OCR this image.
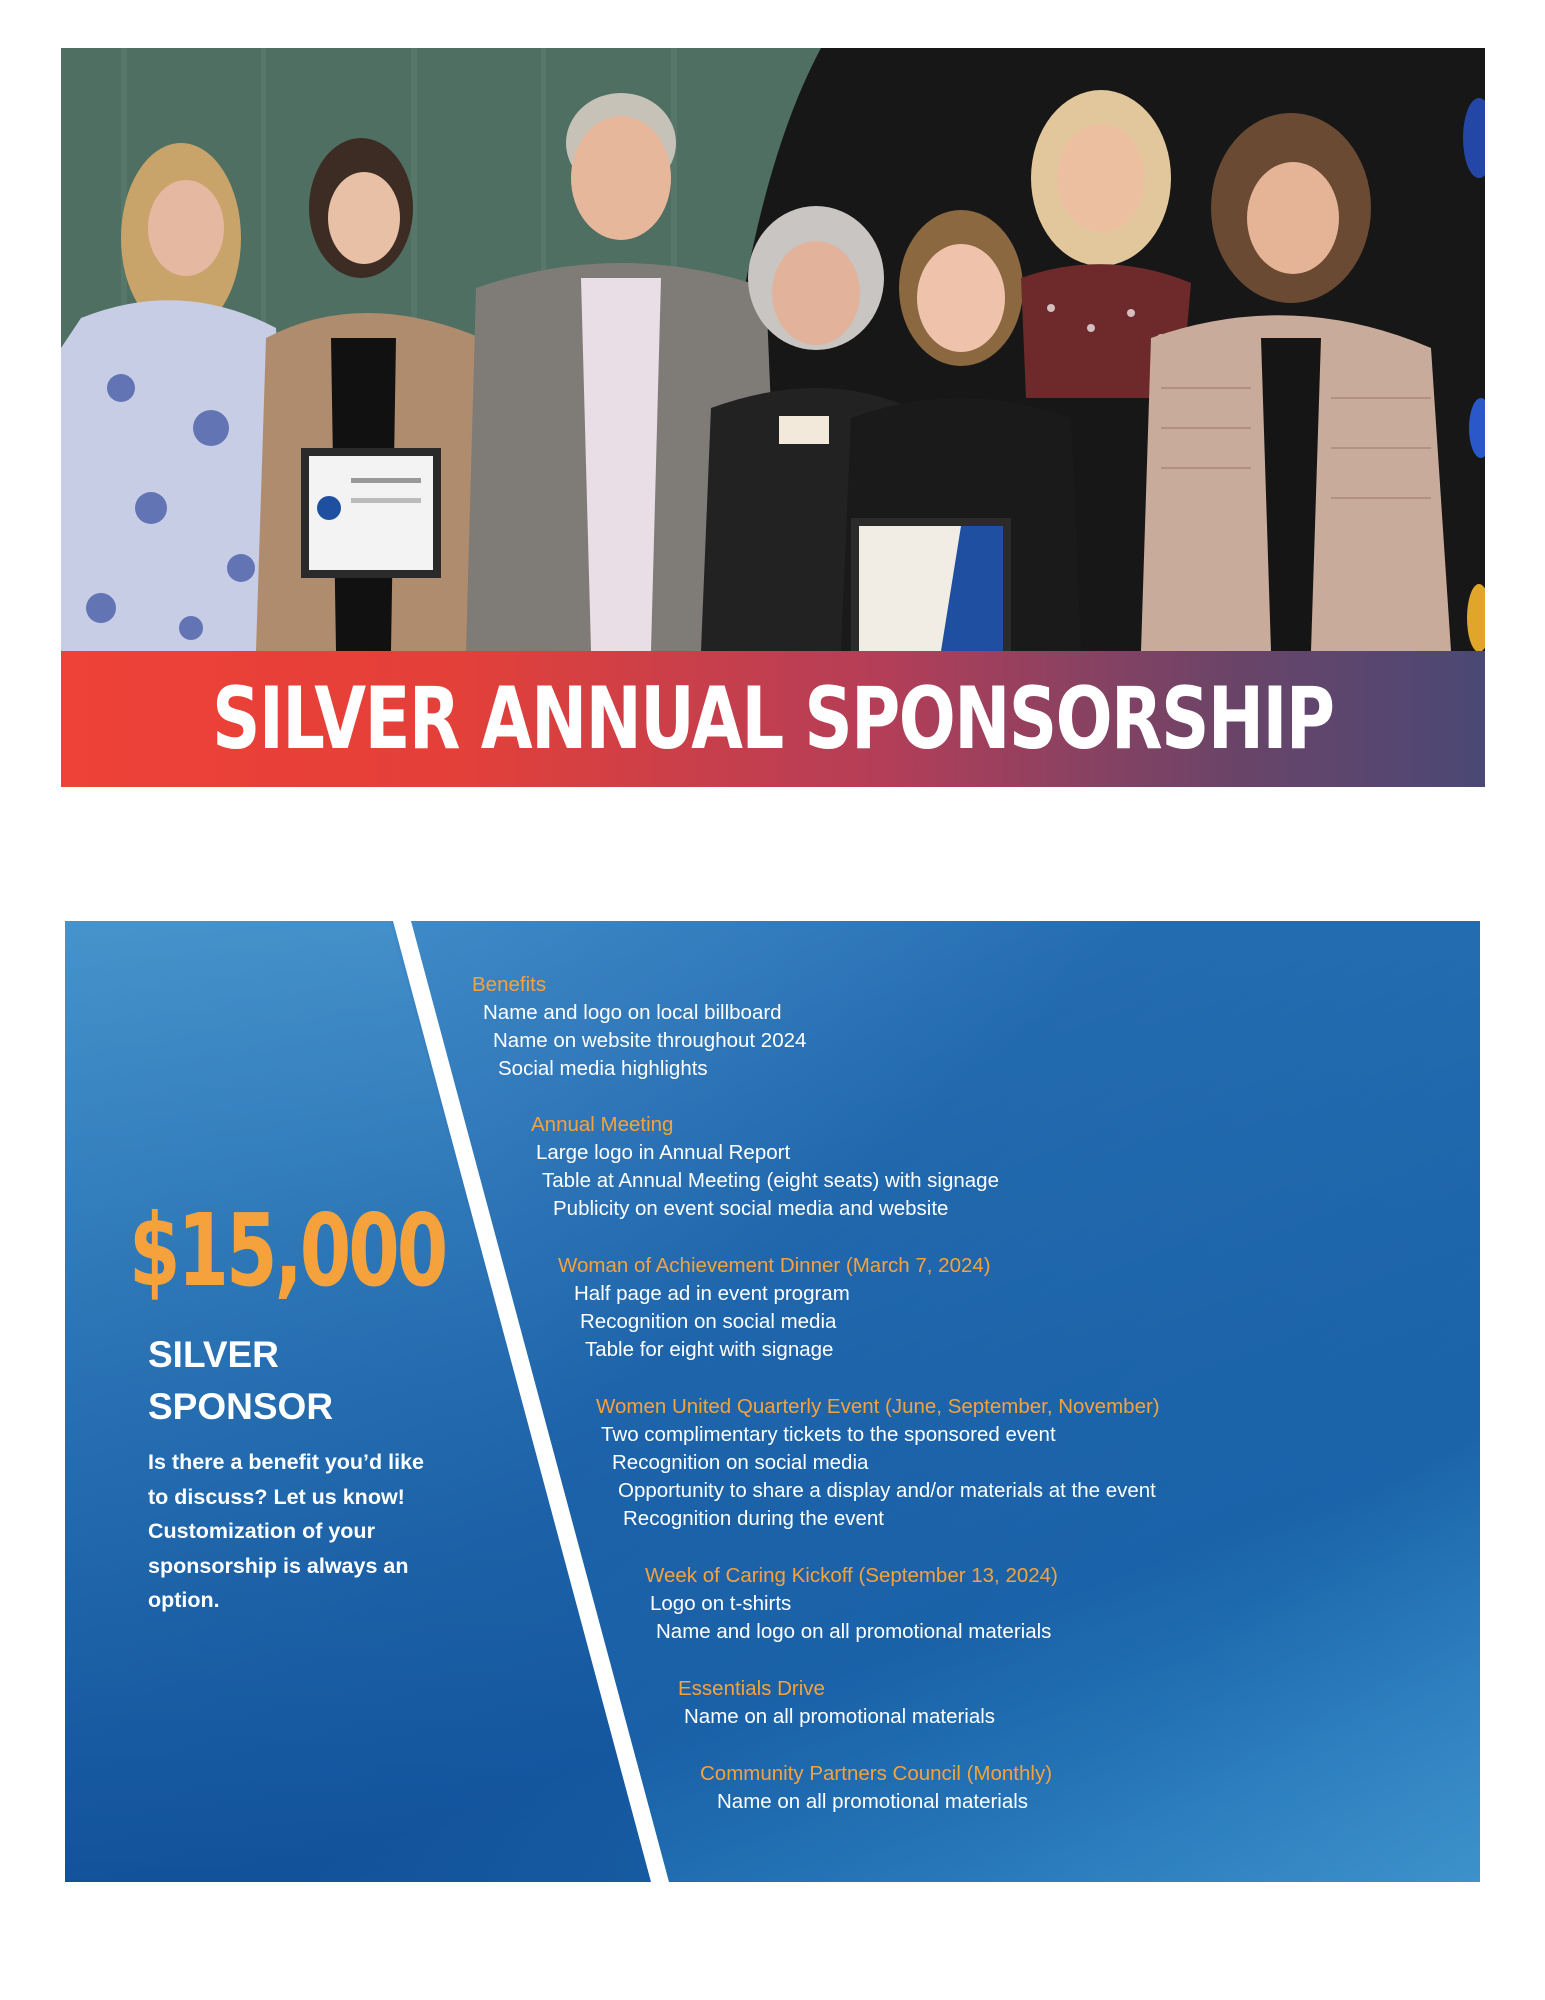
SILVER ANNUAL SPONSORSHIP
$15,000
SILVER SPONSOR
Is there a benefit you’d like to discuss? Let us know! Customization of your sponsorship is always an option.
Benefits
Name and logo on local billboard
Name on website throughout 2024
Social media highlights
Annual Meeting
Large logo in Annual Report
Table at Annual Meeting (eight seats) with signage
Publicity on event social media and website
Woman of Achievement Dinner (March 7, 2024)
Half page ad in event program
Recognition on social media
Table for eight with signage
Women United Quarterly Event (June, September, November)
Two complimentary tickets to the sponsored event
Recognition on social media
Opportunity to share a display and/or materials at the event
Recognition during the event
Week of Caring Kickoff (September 13, 2024)
Logo on t-shirts
Name and logo on all promotional materials
Essentials Drive
Name on all promotional materials
Community Partners Council (Monthly)
Name on all promotional materials
